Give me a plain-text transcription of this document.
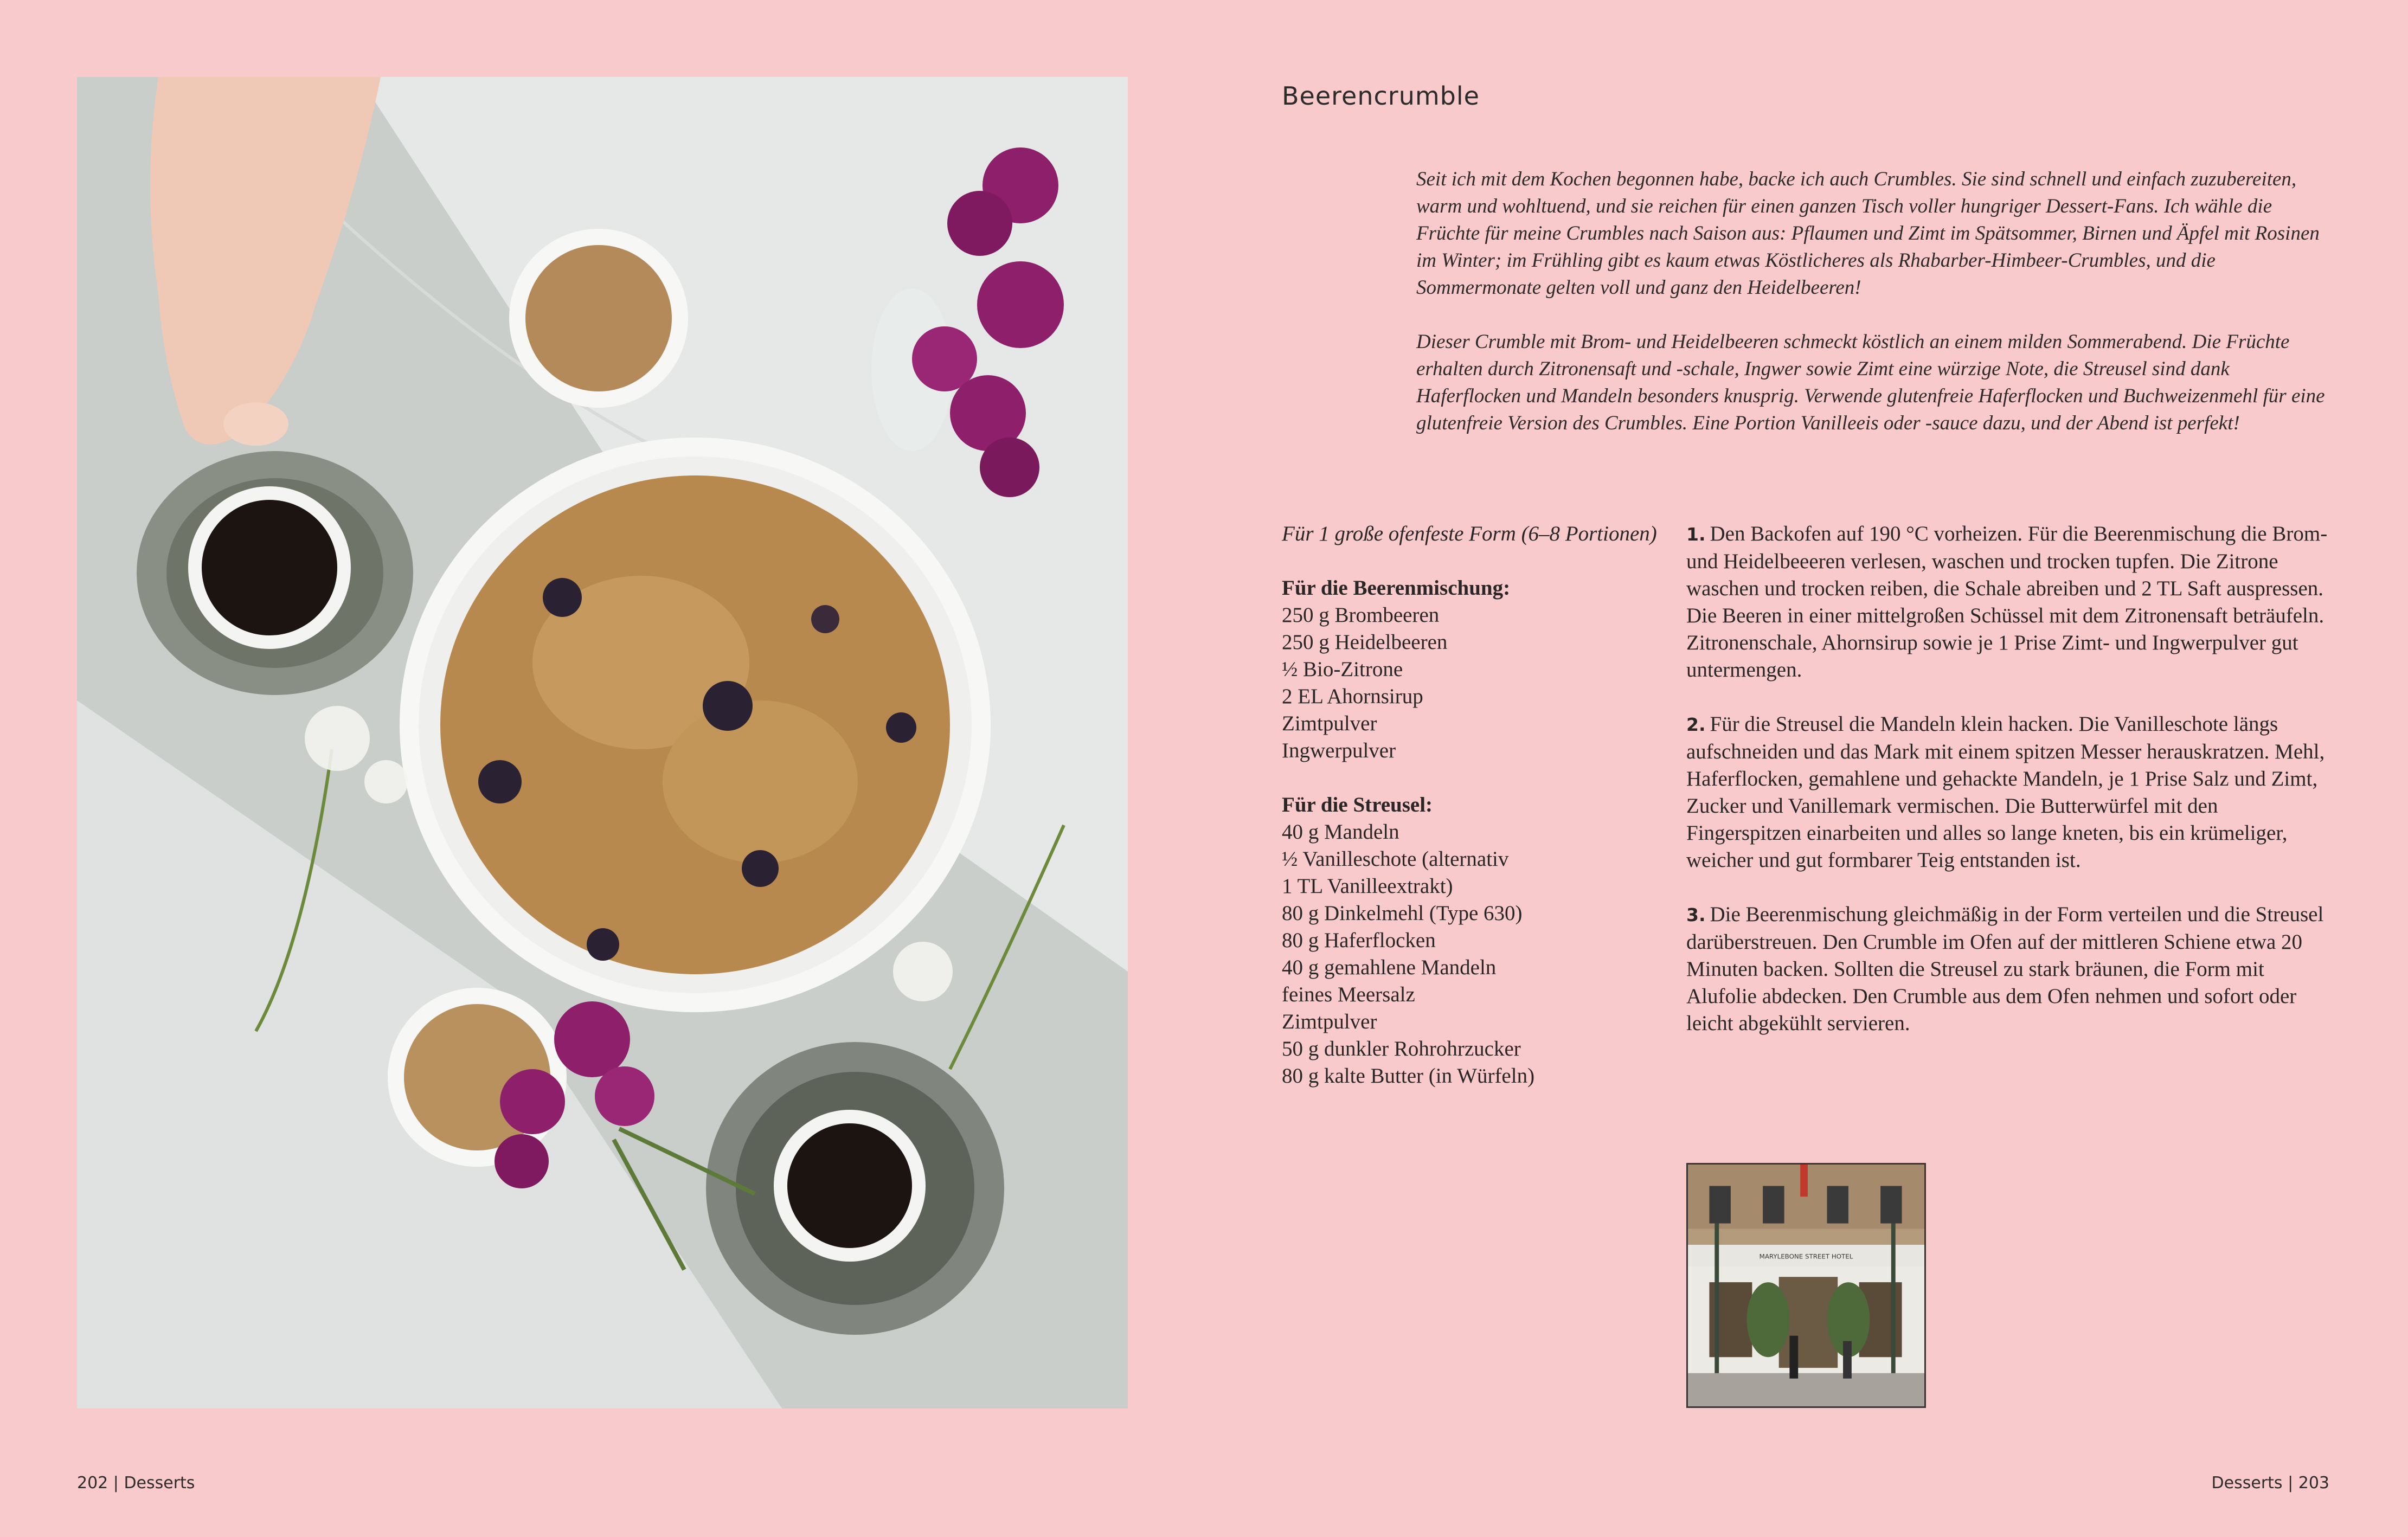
Beerencrumble

Seit ich mit dem Kochen begonnen habe, backe ich auch Crumbles. Sie sind schnell und einfach zuzubereiten, warm und wohltuend, und sie reichen für einen ganzen Tisch voller hungriger Dessert-Fans. Ich wähle die Früchte für meine Crumbles nach Saison aus: Pflaumen und Zimt im Spätsommer, Birnen und Äpfel mit Rosinen im Winter; im Frühling gibt es kaum etwas Köstlicheres als Rhabarber-Himbeer-Crumbles, und die Sommermonate gelten voll und ganz den Heidelbeeren!

Dieser Crumble mit Brom- und Heidelbeeren schmeckt köstlich an einem milden Sommerabend. Die Früchte erhalten durch Zitronensaft und -schale, Ingwer sowie Zimt eine würzige Note, die Streusel sind dank Haferflocken und Mandeln besonders knusprig. Verwende glutenfreie Haferflocken und Buchweizenmehl für eine glutenfreie Version des Crumbles. Eine Portion Vanilleeis oder -sauce dazu, und der Abend ist perfekt!

Für 1 große ofenfeste Form (6–8 Portionen)
Für die Beerenmischung:
250 g Brombeeren
250 g Heidelbeeren
½ Bio-Zitrone
2 EL Ahornsirup
Zimtpulver
Ingwerpulver
Für die Streusel:
40 g Mandeln
½ Vanilleschote (alternativ
1 TL Vanilleextrakt)
80 g Dinkelmehl (Type 630)
80 g Haferflocken
40 g gemahlene Mandeln
feines Meersalz
Zimtpulver
50 g dunkler Rohrohrzucker
80 g kalte Butter (in Würfeln)

1. Den Backofen auf 190 °C vorheizen. Für die Beerenmischung die Brom- und Heidelbeeeren verlesen, waschen und trocken tupfen. Die Zitrone waschen und trocken reiben, die Schale abreiben und 2 TL Saft auspressen. Die Beeren in einer mittelgroßen Schüssel mit dem Zitronensaft beträufeln. Zitronenschale, Ahornsirup sowie je 1 Prise Zimt- und Ingwerpulver gut untermengen.

2. Für die Streusel die Mandeln klein hacken. Die Vanilleschote längs aufschneiden und das Mark mit einem spitzen Messer herauskratzen. Mehl, Haferflocken, gemahlene und gehackte Mandeln, je 1 Prise Salz und Zimt, Zucker und Vanillemark vermischen. Die Butterwürfel mit den Fingerspitzen einarbeiten und alles so lange kneten, bis ein krümeliger, weicher und gut formbarer Teig entstanden ist.

3. Die Beerenmischung gleichmäßig in der Form verteilen und die Streusel darüberstreuen. Den Crumble im Ofen auf der mittleren Schiene etwa 20 Minuten backen. Sollten die Streusel zu stark bräunen, die Form mit Alufolie abdecken. Den Crumble aus dem Ofen nehmen und sofort oder leicht abgekühlt servieren.

MARYLEBONE STREET HOTEL
202 | Desserts	Desserts | 203
